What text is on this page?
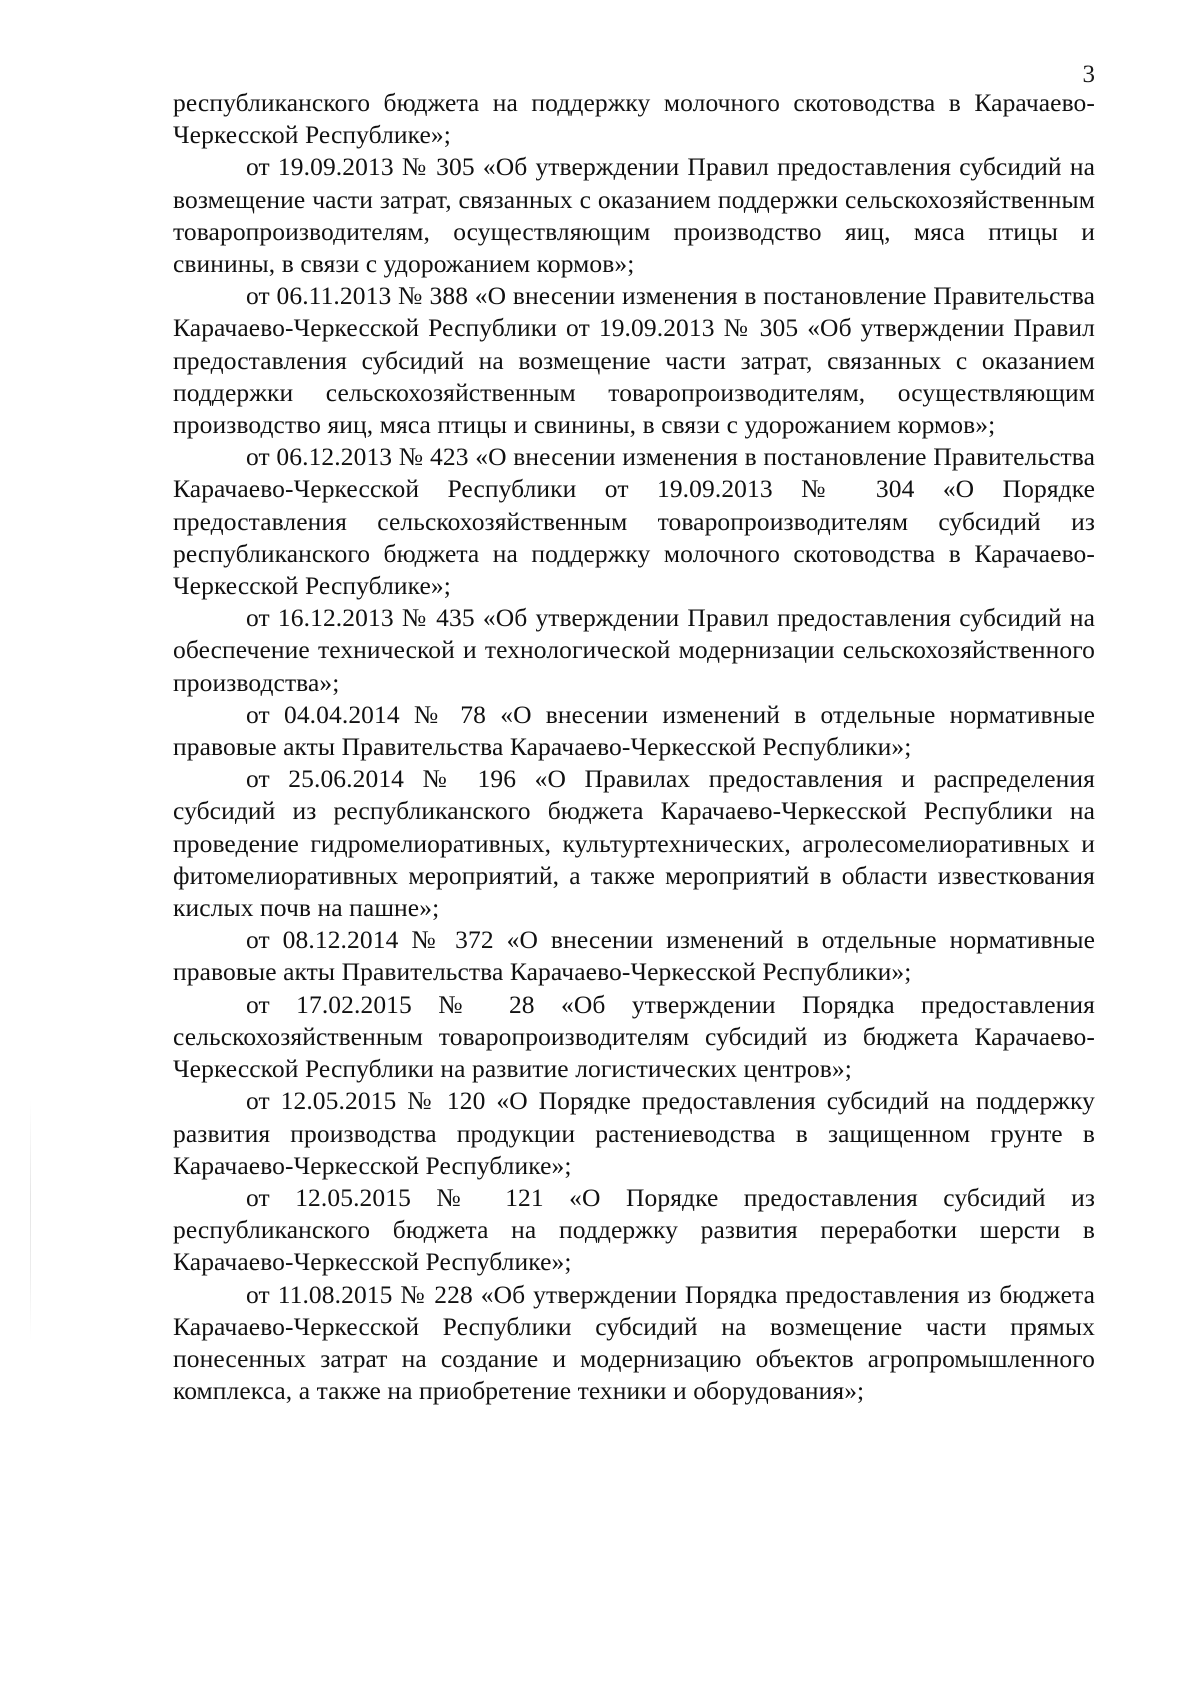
3

республиканского бюджета на поддержку молочного скотоводства в Карачаево-Черкесской Республике»;

от 19.09.2013 № 305 «Об утверждении Правил предоставления субсидий на возмещение части затрат, связанных с оказанием поддержки сельскохозяйственным товаропроизводителям, осуществляющим производство яиц, мяса птицы и свинины, в связи с удорожанием кормов»;

от 06.11.2013 № 388 «О внесении изменения в постановление Правительства Карачаево-Черкесской Республики от 19.09.2013 № 305 «Об утверждении Правил предоставления субсидий на возмещение части затрат, связанных с оказанием поддержки сельскохозяйственным товаропроизводителям, осуществляющим производство яиц, мяса птицы и свинины, в связи с удорожанием кормов»;

от 06.12.2013 № 423 «О внесении изменения в постановление Правительства Карачаево-Черкесской Республики от 19.09.2013 № 304 «О Порядке предоставления сельскохозяйственным товаропроизводителям субсидий из республиканского бюджета на поддержку молочного скотоводства в Карачаево-Черкесской Республике»;

от 16.12.2013 № 435 «Об утверждении Правил предоставления субсидий на обеспечение технической и технологической модернизации сельскохозяйственного производства»;

от 04.04.2014 № 78 «О внесении изменений в отдельные нормативные правовые акты Правительства Карачаево-Черкесской Республики»;

от 25.06.2014 № 196 «О Правилах предоставления и распределения субсидий из республиканского бюджета Карачаево-Черкесской Республики на проведение гидромелиоративных, культуртехнических, агролесомелиоративных и фитомелиоративных мероприятий, а также мероприятий в области известкования кислых почв на пашне»;

от 08.12.2014 № 372 «О внесении изменений в отдельные нормативные правовые акты Правительства Карачаево-Черкесской Республики»;

от 17.02.2015 № 28 «Об утверждении Порядка предоставления сельскохозяйственным товаропроизводителям субсидий из бюджета Карачаево-Черкесской Республики на развитие логистических центров»;

от 12.05.2015 № 120 «О Порядке предоставления субсидий на поддержку развития производства продукции растениеводства в защищенном грунте в Карачаево-Черкесской Республике»;

от 12.05.2015 № 121 «О Порядке предоставления субсидий из республиканского бюджета на поддержку развития переработки шерсти в Карачаево-Черкесской Республике»;

от 11.08.2015 № 228 «Об утверждении Порядка предоставления из бюджета Карачаево-Черкесской Республики субсидий на возмещение части прямых понесенных затрат на создание и модернизацию объектов агропромышленного комплекса, а также на приобретение техники и оборудования»;
